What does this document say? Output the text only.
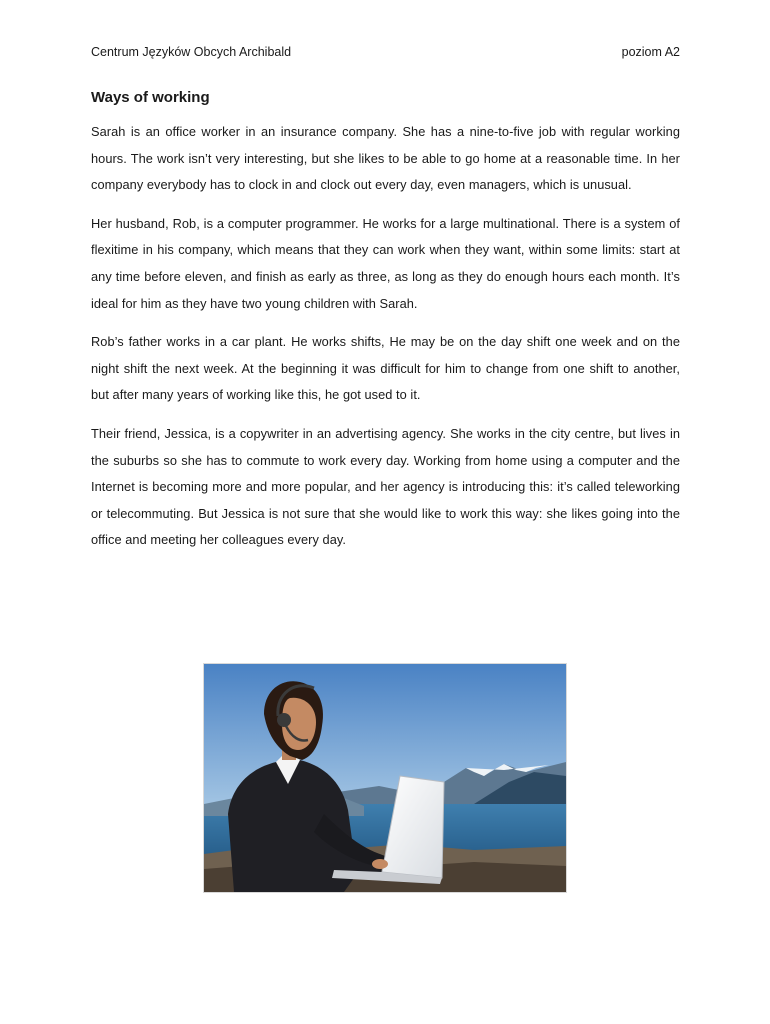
Centrum Języków Obcych Archibald	poziom A2
Ways of working

Sarah is an office worker in an insurance company. She has a nine-to-five job with regular working hours. The work isn’t very interesting, but she likes to be able to go home at a reasonable time. In her company everybody has to clock in and clock out every day, even managers, which is unusual.

Her husband, Rob, is a computer programmer. He works for a large multinational. There is a system of flexitime in his company, which means that they can work when they want, within some limits: start at any time before eleven, and finish as early as three, as long as they do enough hours each month. It’s ideal for him as they have two young children with Sarah.

Rob’s father works in a car plant. He works shifts, He may be on the day shift one week and on the night shift the next week. At the beginning it was difficult for him to change from one shift to another, but after many years of working like this, he got used to it.

Their friend, Jessica, is a copywriter in an advertising agency. She works in the city centre, but lives in the suburbs so she has to commute to work every day. Working from home using a computer and the Internet is becoming more and more popular, and her agency is introducing this: it’s called teleworking or telecommuting. But Jessica is not sure that she would like to work this way: she likes going into the office and meeting her colleagues every day.
